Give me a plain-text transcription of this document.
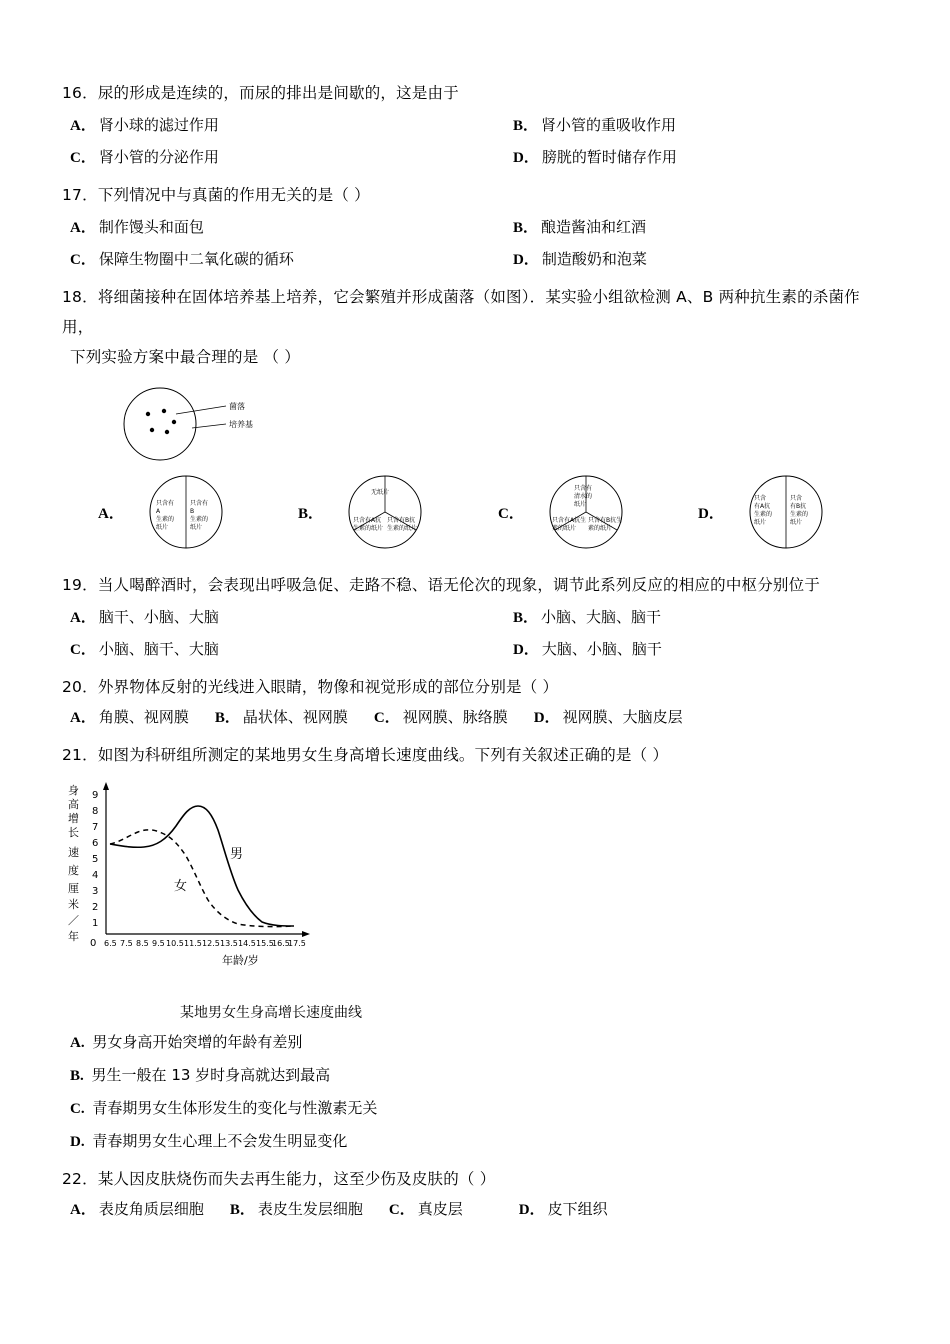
16．尿的形成是连续的，而尿的排出是间歇的，这是由于
A． 肾小球的滤过作用	B． 肾小管的重吸收作用
C． 肾小管的分泌作用	D． 膀胱的暂时储存作用
17．下列情况中与真菌的作用无关的是（ ）
A． 制作馒头和面包	B． 酿造酱油和红酒
C． 保障生物圈中二氧化碳的循环	D． 制造酸奶和泡菜
18．将细菌接种在固体培养基上培养，它会繁殖并形成菌落（如图）．某实验小组欲检测 A、B 两种抗生素的杀菌作用，
下列实验方案中最合理的是 （ ）
菌落
培养基
A．
只含有
A
生素的
纸片
只含有
B
生素的
纸片
B．
无纸片
只含有A抗
生素的纸片
只含有B抗
生素的纸片
C．
只含有
清水的
纸片
只含有A抗生
素的纸片
只含有B抗生
素的纸片
D．
只含
有A抗
生素的
纸片
只含
有B抗
生素的
纸片
19．当人喝醉酒时，会表现出呼吸急促、走路不稳、语无伦次的现象，调节此系列反应的相应的中枢分别位于
A． 脑干、小脑、大脑	B． 小脑、大脑、脑干
C． 小脑、脑干、大脑	D． 大脑、小脑、脑干
20．外界物体反射的光线进入眼睛，物像和视觉形成的部位分别是（ ）
A． 角膜、视网膜 B． 晶状体、视网膜 C． 视网膜、脉络膜 D． 视网膜、大脑皮层
21．如图为科研组所测定的某地男女生身高增长速度曲线。下列有关叙述正确的是（ ）
身
高
增
长
速
度
厘
米
／
年
9
8
7
6
5
4
3
2
1
0 6.5 7.5 8.5 9.5 10.5 11.5 12.5 13.5 14.5 15.5
16.5
17.5
年龄/岁
男
女
某地男女生身高增长速度曲线
A. 男女身高开始突增的年龄有差别
B. 男生一般在 13 岁时身高就达到最高
C. 青春期男女生体形发生的变化与性激素无关
D. 青春期男女生心理上不会发生明显变化
22．某人因皮肤烧伤而失去再生能力，这至少伤及皮肤的（ ）
A． 表皮角质层细胞 B． 表皮生发层细胞 C． 真皮层	D． 皮下组织
